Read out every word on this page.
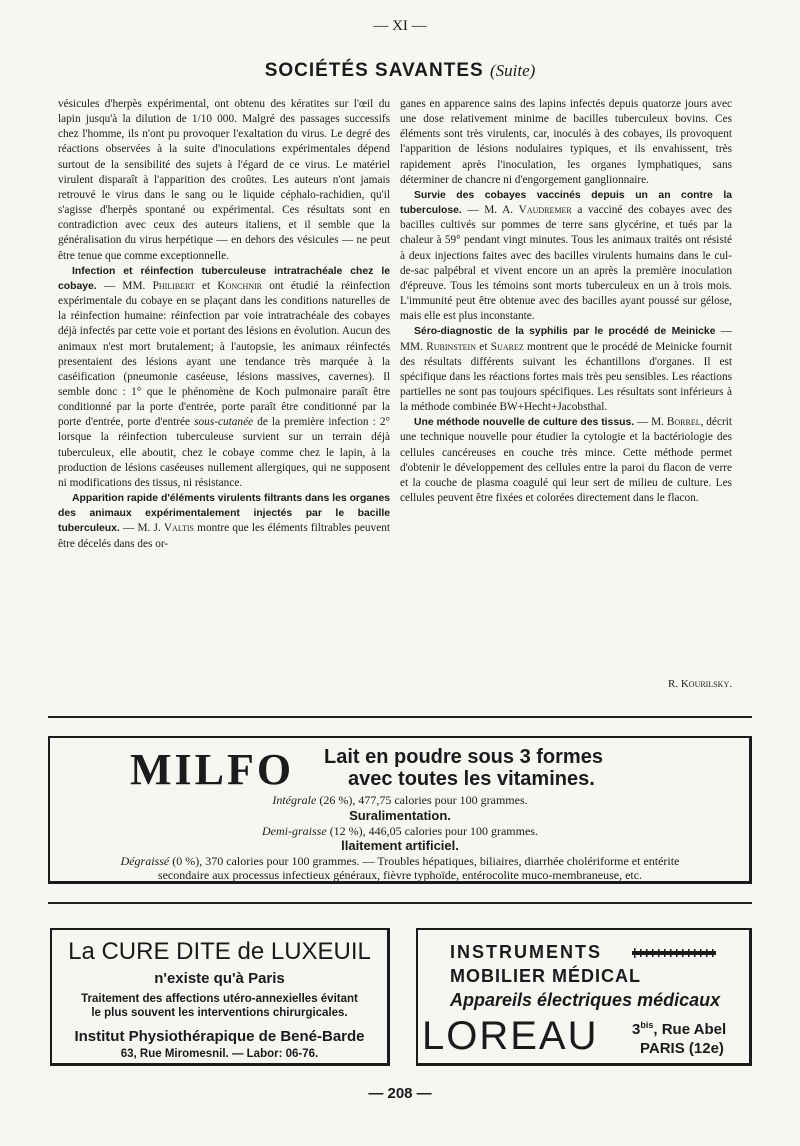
— XI —
SOCIÉTÉS SAVANTES (Suite)

vésicules d'herpès expérimental, ont obtenu des kératites sur l'œil du lapin jusqu'à la dilution de 1/10 000. Malgré des passages successifs chez l'homme, ils n'ont pu provoquer l'exaltation du virus. Le degré des réactions observées à la suite d'inoculations expérimentales dépend surtout de la sensibilité des sujets à l'égard de ce virus. Le matériel virulent disparaît à l'apparition des croûtes. Les auteurs n'ont jamais retrouvé le virus dans le sang ou le liquide céphalo-rachidien, qu'il s'agisse d'herpès spontané ou expérimental. Ces résultats sont en contradiction avec ceux des auteurs italiens, et il semble que la généralisation du virus herpétique — en dehors des vésicules — ne peut être tenue que comme exceptionnelle.

Infection et réinfection tuberculeuse intratrachéale chez le cobaye. — MM. Philibert et Konchnir ont étudié la réinfection expérimentale du cobaye en se plaçant dans les conditions naturelles de la réinfection humaine: réinfection par voie intratrachéale des cobayes déjà infectés par cette voie et portant des lésions en évolution. Aucun des animaux n'est mort brutalement; à l'autopsie, les animaux réinfectés presentaient des lésions ayant une tendance très marquée à la caséification (pneumonie caséeuse, lésions massives, cavernes). Il semble donc : 1° que le phénomène de Koch pulmonaire paraît être conditionné par la porte d'entrée, porte paraît être conditionné par la porte d'entrée, porte d'entrée sous-cutanée de la première infection : 2° lorsque la réinfection tuberculeuse survient sur un terrain déjà tuberculeux, elle aboutit, chez le cobaye comme chez le lapin, à la production de lésions caséeuses nullement allergiques, qui ne supposent ni modifications des tissus, ni résistance.

Apparition rapide d'éléments virulents filtrants dans les organes des animaux expérimentalement injectés par le bacille tuberculeux. — M. J. Valtis montre que les éléments filtrables peuvent être décelés dans des or-

ganes en apparence sains des lapins infectés depuis quatorze jours avec une dose relativement minime de bacilles tuberculeux bovins. Ces éléments sont très virulents, car, inoculés à des cobayes, ils provoquent l'apparition de lésions nodulaires typiques, et ils envahissent, très rapidement après l'inoculation, les organes lymphatiques, sans déterminer de chancre ni d'engorgement ganglionnaire.

Survie des cobayes vaccinés depuis un an contre la tuberculose. — M. A. Vaudremer a vacciné des cobayes avec des bacilles cultivés sur pommes de terre sans glycérine, et tués par la chaleur à 59° pendant vingt minutes. Tous les animaux traités ont résisté à deux injections faites avec des bacilles virulents humains dans le cul-de-sac palpébral et vivent encore un an après la première inoculation d'épreuve. Tous les témoins sont morts tuberculeux en un à trois mois. L'immunité peut être obtenue avec des bacilles ayant poussé sur gélose, mais elle est plus inconstante.

Séro-diagnostic de la syphilis par le procédé de Meinicke — MM. Rubinstein et Suarez montrent que le procédé de Meinicke fournit des résultats différents suivant les échantillons d'organes. Il est spécifique dans les réactions fortes mais très peu sensibles. Les réactions partielles ne sont pas toujours spécifiques. Les résultats sont inférieurs à la méthode combinée BW+Hecht+Jacobsthal.

Une méthode nouvelle de culture des tissus. — M. Borrel, décrit une technique nouvelle pour étudier la cytologie et la bactériologie des cellules cancéreuses en couche très mince. Cette méthode permet d'obtenir le développement des cellules entre la paroi du flacon de verre et la couche de plasma coagulé qui leur sert de milieu de culture. Les cellules peuvent être fixées et colorées directement dans le flacon.

R. Kourilsky.
MILFO Lait en poudre sous 3 formes
avec toutes les vitamines.
Intégrale (26 %), 477,75 calories pour 100 grammes.
Suralimentation.
Demi-graisse (12 %), 446,05 calories pour 100 grammes.
llaitement artificiel.
Dégraissé (0 %), 370 calories pour 100 grammes. — Troubles hépatiques, biliaires, diarrhée cholériforme et entérite
secondaire aux processus infectieux généraux, fièvre typhoïde, entérocolite muco-membraneuse, etc.
La CURE DITE de LUXEUIL
n'existe qu'à Paris
Traitement des affections utéro-annexielles évitant
le plus souvent les interventions chirurgicales.
Institut Physiothérapique de Bené-Barde
63, Rue Miromesnil. — Labor: 06-76.
INSTRUMENTS
MOBILIER MÉDICAL
Appareils électriques médicaux
LOREAU $3^{bis}$, Rue Abel
PARIS (12e)
— 208 —
